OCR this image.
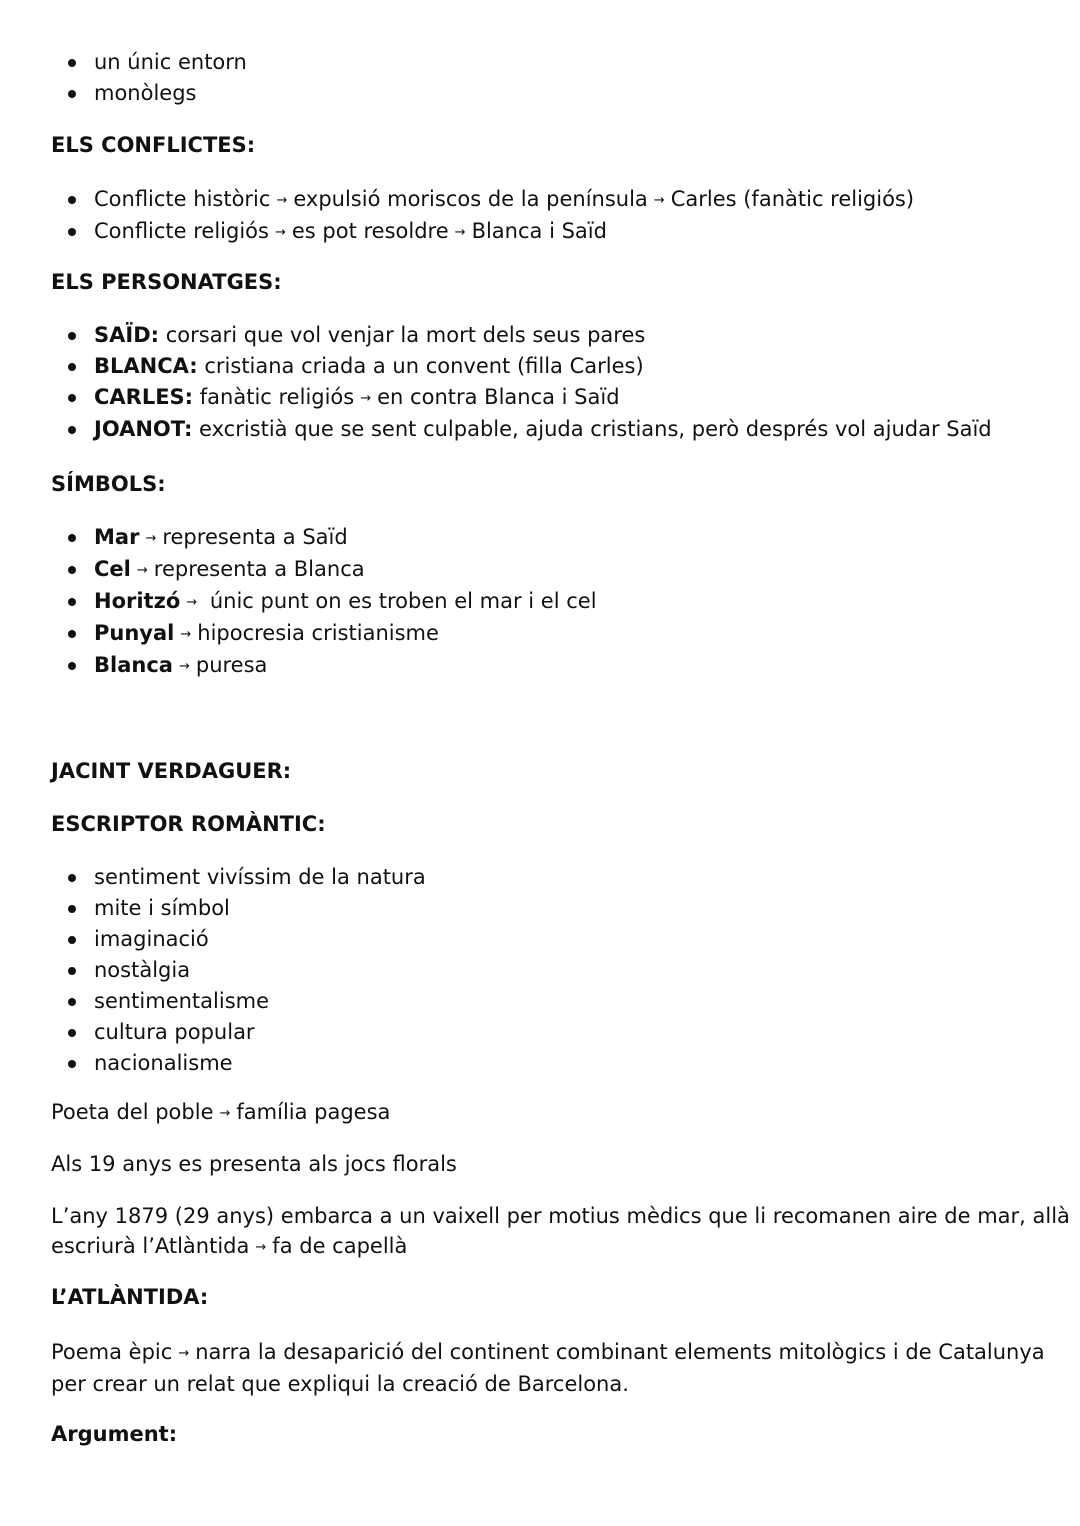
un únic entorn
monòlegs
ELS CONFLICTES:
Conflicte històric → expulsió moriscos de la península → Carles (fanàtic religiós)
Conflicte religiós → es pot resoldre → Blanca i Saïd
ELS PERSONATGES:
SAÏD: corsari que vol venjar la mort dels seus pares
BLANCA: cristiana criada a un convent (filla Carles)
CARLES: fanàtic religiós → en contra Blanca i Saïd
JOANOT: excristià que se sent culpable, ajuda cristians, però després vol ajudar Saïd
SÍMBOLS:
Mar → representa a Saïd
Cel → representa a Blanca
Horitzó → únic punt on es troben el mar i el cel
Punyal → hipocresia cristianisme
Blanca → puresa
JACINT VERDAGUER:
ESCRIPTOR ROMÀNTIC:
sentiment vivíssim de la natura
mite i símbol
imaginació
nostàlgia
sentimentalisme
cultura popular
nacionalisme
Poeta del poble → família pagesa
Als 19 anys es presenta als jocs florals
L’any 1879 (29 anys) embarca a un vaixell per motius mèdics que li recomanen aire de mar, allà
escriurà l’Atlàntida → fa de capellà
L’ATLÀNTIDA:
Poema èpic → narra la desaparició del continent combinant elements mitològics i de Catalunya
per crear un relat que expliqui la creació de Barcelona.
Argument:
